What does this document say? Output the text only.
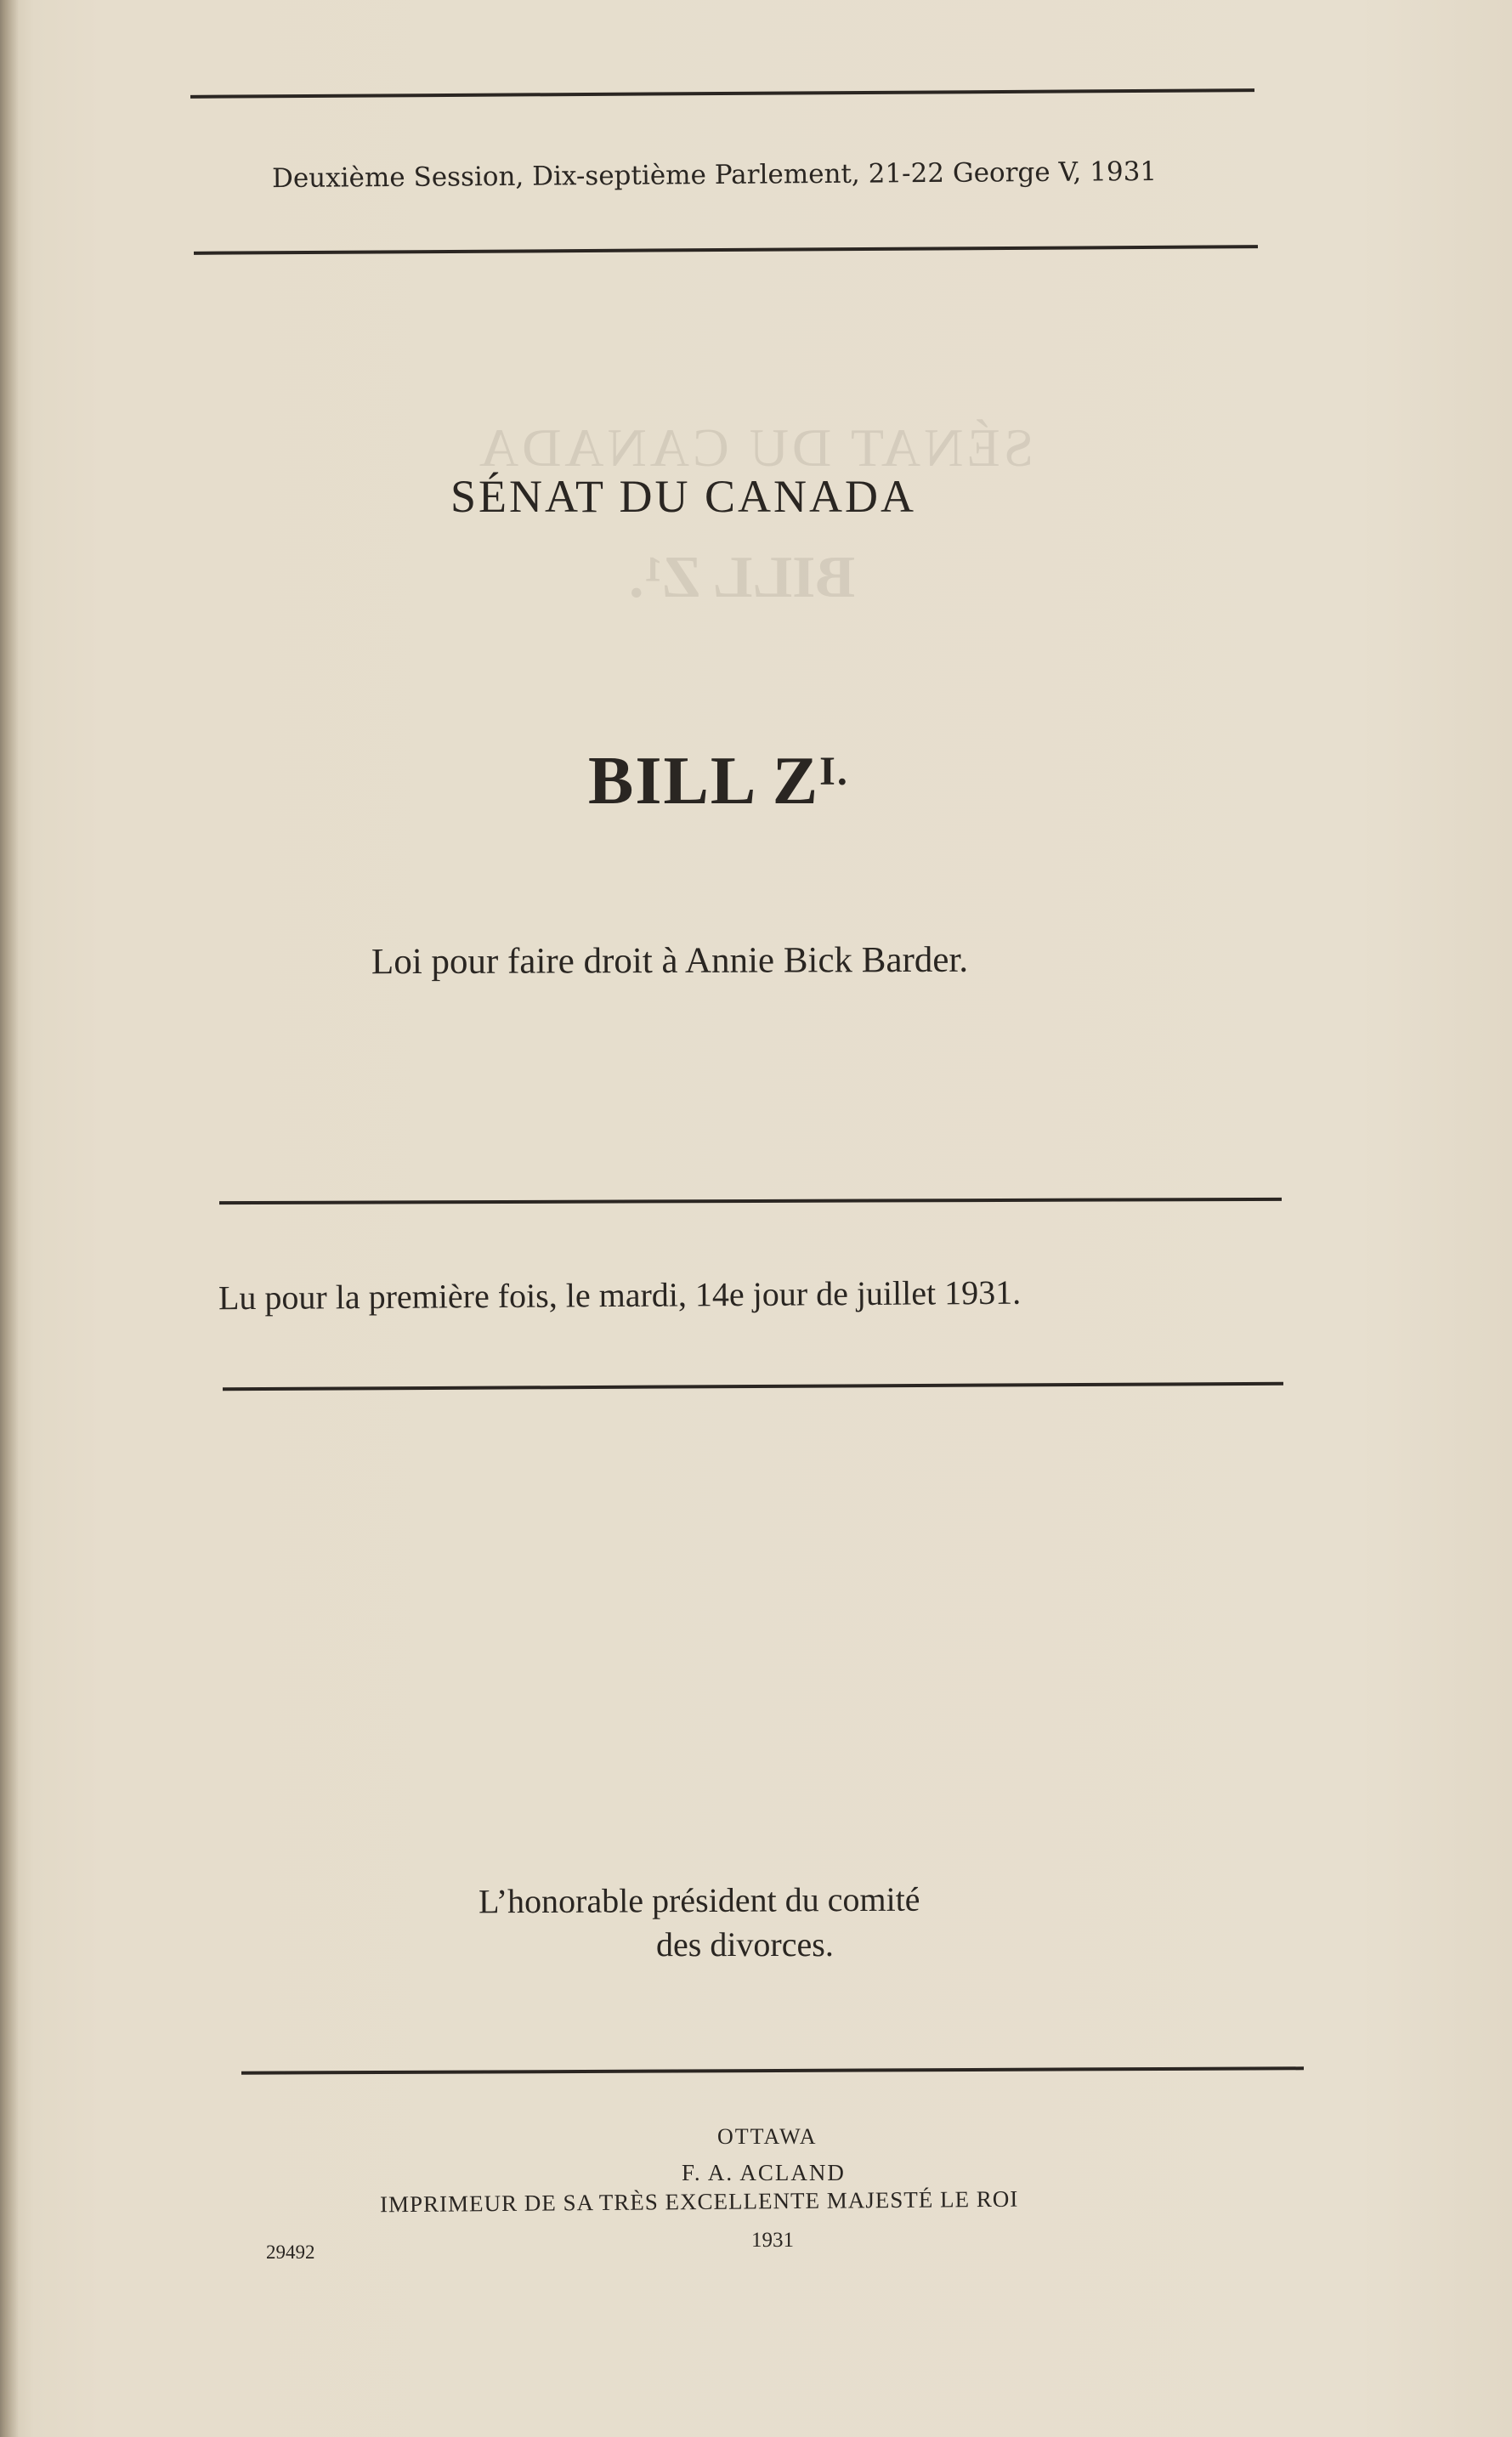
SÉNAT DU CANADA
BILL Z¹.
Deuxième Session, Dix-septième Parlement, 21-22 George V, 1931
SÉNAT DU CANADA
BILL $Z^{I.}$
Loi pour faire droit à Annie Bick Barder.
Lu pour la première fois, le mardi, 14e jour de juillet 1931.
L’honorable président du comité
des divorces.
OTTAWA
F. A. ACLAND
IMPRIMEUR DE SA TRÈS EXCELLENTE MAJESTÉ LE ROI
1931
29492
